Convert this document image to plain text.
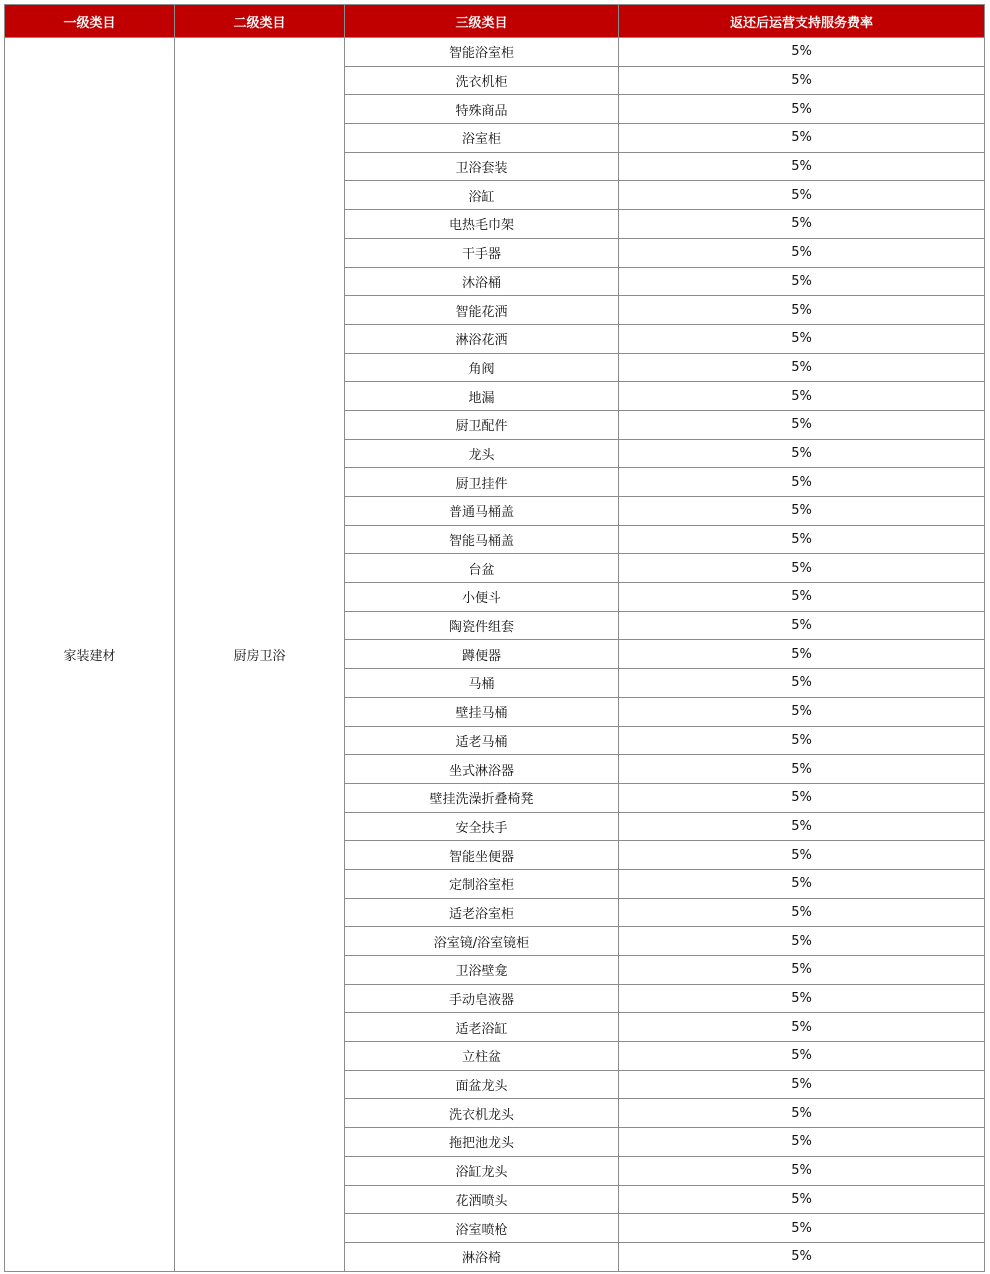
一级类目	二级类目	三级类目	返还后运营支持服务费率
家装建材	厨房卫浴	智能浴室柜	5%
		洗衣机柜	5%
		特殊商品	5%
		浴室柜	5%
		卫浴套装	5%
		浴缸	5%
		电热毛巾架	5%
		干手器	5%
		沐浴桶	5%
		智能花洒	5%
		淋浴花洒	5%
		角阀	5%
		地漏	5%
		厨卫配件	5%
		龙头	5%
		厨卫挂件	5%
		普通马桶盖	5%
		智能马桶盖	5%
		台盆	5%
		小便斗	5%
		陶瓷件组套	5%
		蹲便器	5%
		马桶	5%
		壁挂马桶	5%
		适老马桶	5%
		坐式淋浴器	5%
		壁挂洗澡折叠椅凳	5%
		安全扶手	5%
		智能坐便器	5%
		定制浴室柜	5%
		适老浴室柜	5%
		浴室镜/浴室镜柜	5%
		卫浴壁龛	5%
		手动皂液器	5%
		适老浴缸	5%
		立柱盆	5%
		面盆龙头	5%
		洗衣机龙头	5%
		拖把池龙头	5%
		浴缸龙头	5%
		花洒喷头	5%
		浴室喷枪	5%
		淋浴椅	5%
